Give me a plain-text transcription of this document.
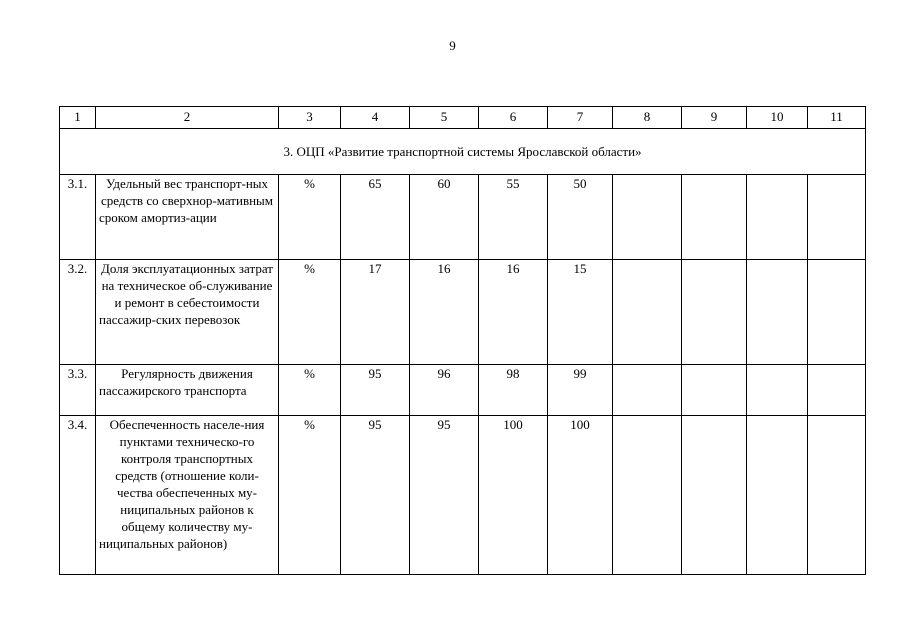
9
1	2	3	4	5	6	7	8	9	10	11
3. ОЦП «Развитие транспортной системы Ярославской области»										
3.1.	Удельный вес транспорт-ных средств со сверхнор-мативным сроком амортиз-ации	%	65	60	55	50				
3.2.	Доля эксплуатационных затрат на техническое об-служивание и ремонт в себестоимости пассажир-ских перевозок	%	17	16	16	15				
3.3.	Регулярность движения пассажирского транспорта	%	95	96	98	99				
3.4.	Обеспеченность населе-ния пунктами техническо-го контроля транспортных средств (отношение коли-чества обеспеченных му-ниципальных районов к общему количеству му-ниципальных районов)	%	95	95	100	100				
